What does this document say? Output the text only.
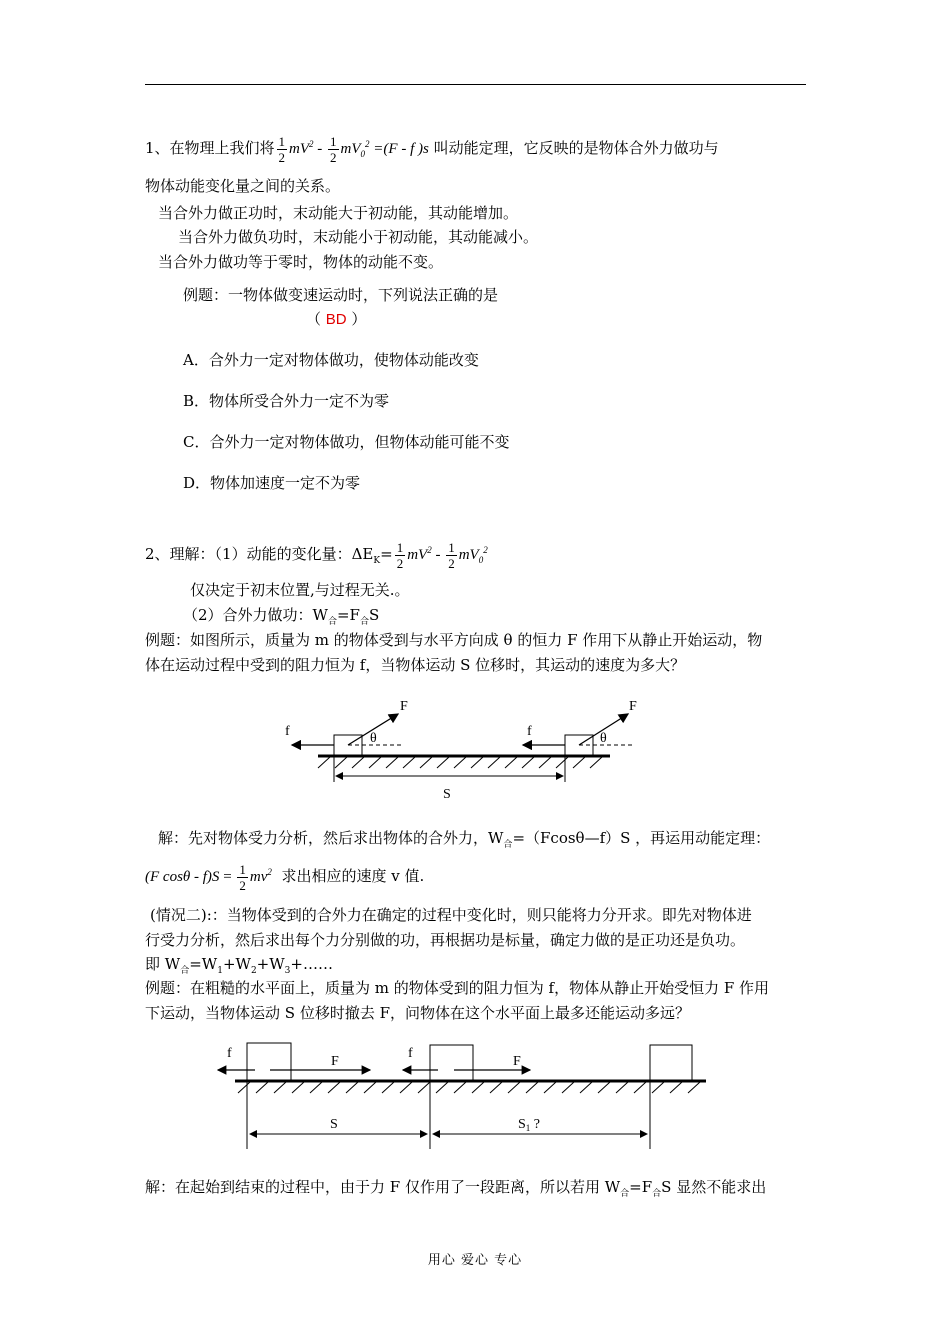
1、在物理上我们将 $\frac{1}{2} mV^2 - \frac{1}{2} mV_0^2 =(F - f$ )s 叫动能定理，它反映的是物体合外力做功与
物体动能变化量之间的关系。
当合外力做正功时，末动能大于初动能，其动能增加。
当合外力做负功时，末动能小于初动能，其动能减小。
当合外力做功等于零时，物体的动能不变。
例题：一物体做变速运动时，下列说法正确的是
（ BD ）
A．合外力一定对物体做功，使物体动能改变
B．物体所受合外力一定不为零
C．合外力一定对物体做功，但物体动能可能不变
D．物体加速度一定不为零
2、理解：（1）动能的变化量：$\Delta E_K= \frac{1}{2} mV^2 - \frac{1}{2} mV_0^2$
仅决定于初末位置,与过程无关.。
（2）合外力做功：$W_合=F_合S$
例题：如图所示，质量为 m 的物体受到与水平方向成 θ 的恒力 F 作用下从静止开始运动，物
体在运动过程中受到的阻力恒为 f，当物体运动 S 位移时，其运动的速度为多大？
F	F
f	f
θ	θ
S
解：先对物体受力分析，然后求出物体的合外力，$W_合=(Fcos\theta—f)S$ ，再运用动能定理：
(F $\cos\theta - f)S = \frac{1}{2} mv^2$ 求出相应的速度 v 值.
(情况二):：当物体受到的合外力在确定的过程中变化时，则只能将力分开求。即先对物体进
行受力分析，然后求出每个力分别做的功，再根据功是标量，确定力做的是正功还是负功。
即 $W_合=W_1+W_2+W_3+\dots\dots$
例题：在粗糙的水平面上，质量为 m 的物体受到的阻力恒为 f，物体从静止开始受恒力 F 作用
下运动，当物体运动 S 位移时撤去 F，问物体在这个水平面上最多还能运动多远？
f
F
f
F
S	$S_1$ ?
解：在起始到结束的过程中，由于力 F 仅作用了一段距离，所以若用 $W_合=F_合S$ 显然不能求出
用心 爱心 专心
